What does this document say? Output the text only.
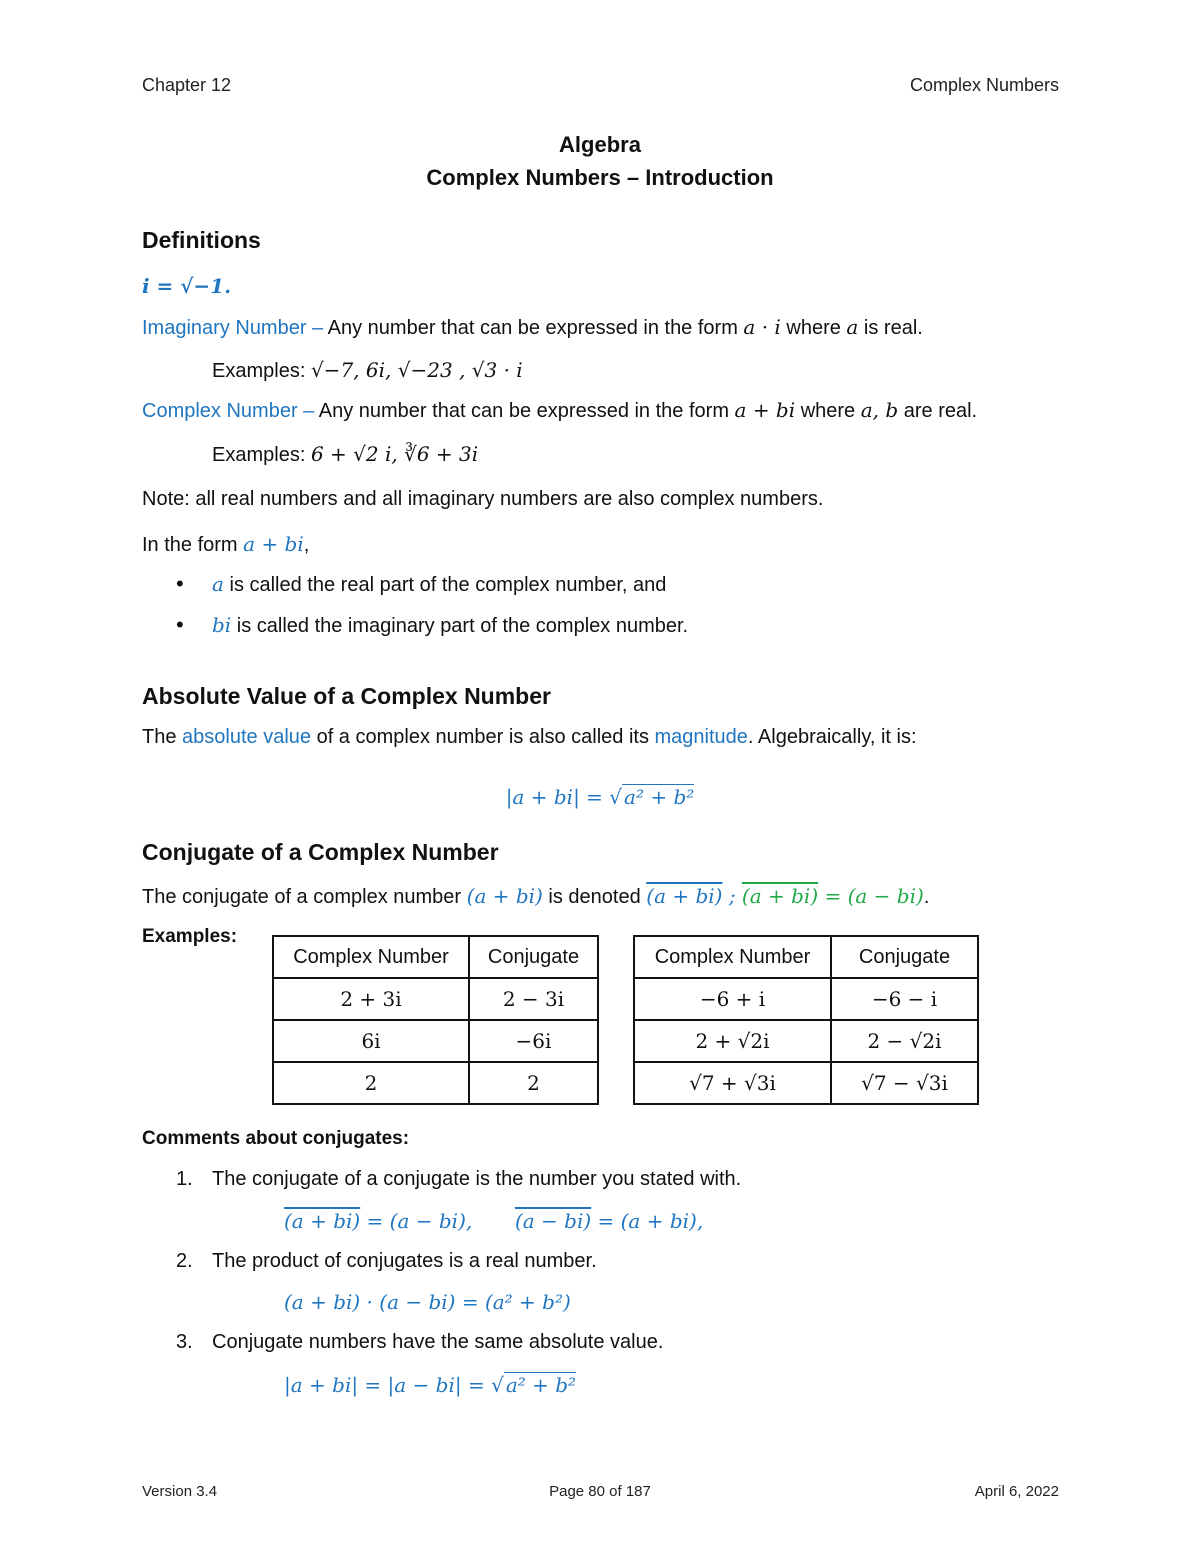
Chapter 12	Complex Numbers
Algebra
Complex Numbers – Introduction
Definitions
i = √−1.
Imaginary Number – Any number that can be expressed in the form a · i where a is real.
Examples: √−7, 6i, √−23 , √3 · i
Complex Number – Any number that can be expressed in the form a + bi where a, b are real.
Examples: 6 + √2 i, ∛6 + 3i
Note: all real numbers and all imaginary numbers are also complex numbers.
In the form a + bi,
• a is called the real part of the complex number, and
• bi is called the imaginary part of the complex number.
Absolute Value of a Complex Number
The absolute value of a complex number is also called its magnitude. Algebraically, it is:
|a + bi| = √ a² + b²
Conjugate of a Complex Number
The conjugate of a complex number (a + bi) is denoted (a + bi) ; (a + bi) = (a − bi).
Examples:
Complex Number	Conjugate
2 + 3i	2 − 3i
6i	−6i
2	2
Complex Number	Conjugate
−6 + i	−6 − i
2 + √2i	2 − √2i
√7 + √3i	√7 − √3i
Comments about conjugates:
1. The conjugate of a conjugate is the number you stated with.
(a + bi) = (a − bi), (a − bi) = (a + bi),
2. The product of conjugates is a real number.
(a + bi) · (a − bi) = (a² + b²)
3. Conjugate numbers have the same absolute value.
|a + bi| = |a − bi| = √ a² + b²
Version 3.4	Page 80 of 187	April 6, 2022
